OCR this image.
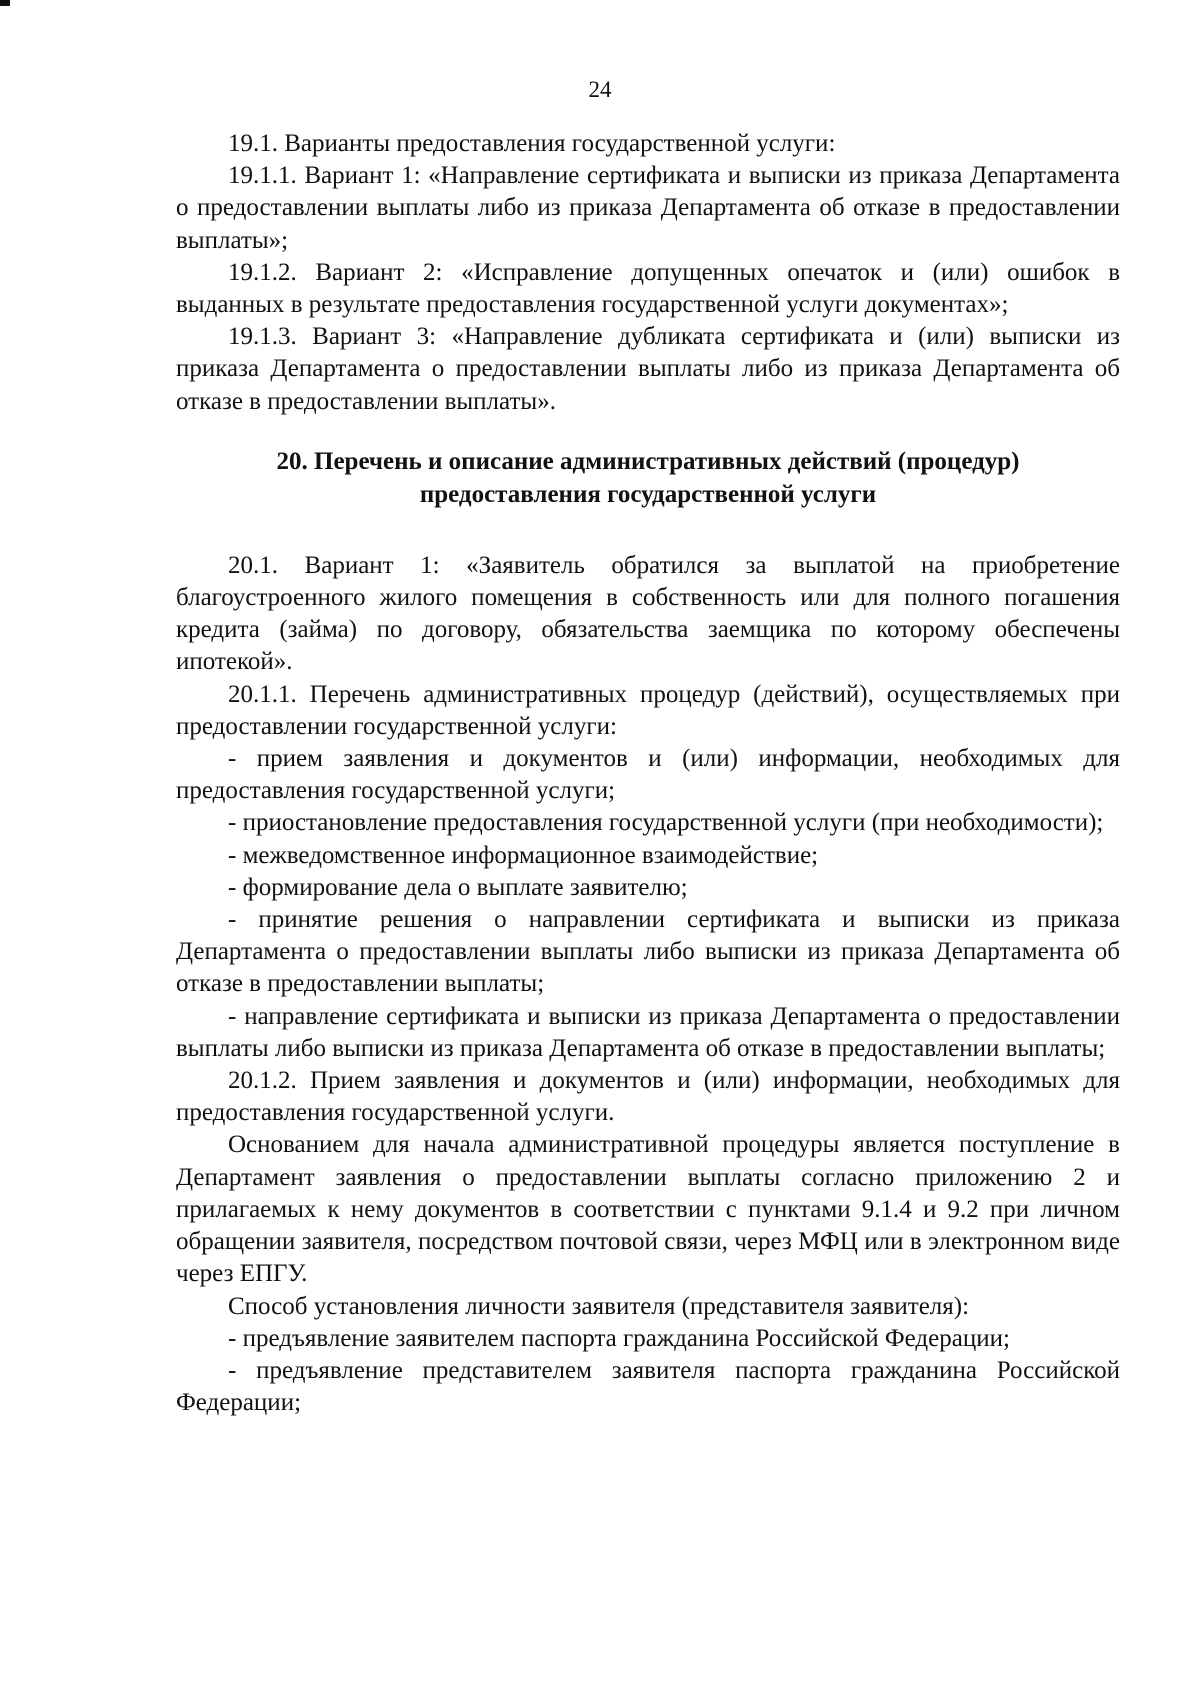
24

19.1. Варианты предоставления государственной услуги:

19.1.1. Вариант 1: «Направление сертификата и выписки из приказа Департамента о предоставлении выплаты либо из приказа Департамента об отказе в предоставлении выплаты»;

19.1.2. Вариант 2: «Исправление допущенных опечаток и (или) ошибок в выданных в результате предоставления государственной услуги документах»;

19.1.3. Вариант 3: «Направление дубликата сертификата и (или) выписки из приказа Департамента о предоставлении выплаты либо из приказа Департамента об отказе в предоставлении выплаты».

20. Перечень и описание административных действий (процедур)
предоставления государственной услуги

20.1. Вариант 1: «Заявитель обратился за выплатой на приобретение благоустроенного жилого помещения в собственность или для полного погашения кредита (займа) по договору, обязательства заемщика по которому обеспечены ипотекой».

20.1.1. Перечень административных процедур (действий), осуществляемых при предоставлении государственной услуги:

- прием заявления и документов и (или) информации, необходимых для предоставления государственной услуги;

- приостановление предоставления государственной услуги (при необходимости);

- межведомственное информационное взаимодействие;

- формирование дела о выплате заявителю;

- принятие решения о направлении сертификата и выписки из приказа Департамента о предоставлении выплаты либо выписки из приказа Департамента об отказе в предоставлении выплаты;

- направление сертификата и выписки из приказа Департамента о предоставлении выплаты либо выписки из приказа Департамента об отказе в предоставлении выплаты;

20.1.2. Прием заявления и документов и (или) информации, необходимых для предоставления государственной услуги.

Основанием для начала административной процедуры является поступление в Департамент заявления о предоставлении выплаты согласно приложению 2 и прилагаемых к нему документов в соответствии с пунктами 9.1.4 и 9.2 при личном обращении заявителя, посредством почтовой связи, через МФЦ или в электронном виде через ЕПГУ.

Способ установления личности заявителя (представителя заявителя):

- предъявление заявителем паспорта гражданина Российской Федерации;

- предъявление представителем заявителя паспорта гражданина Российской Федерации;
